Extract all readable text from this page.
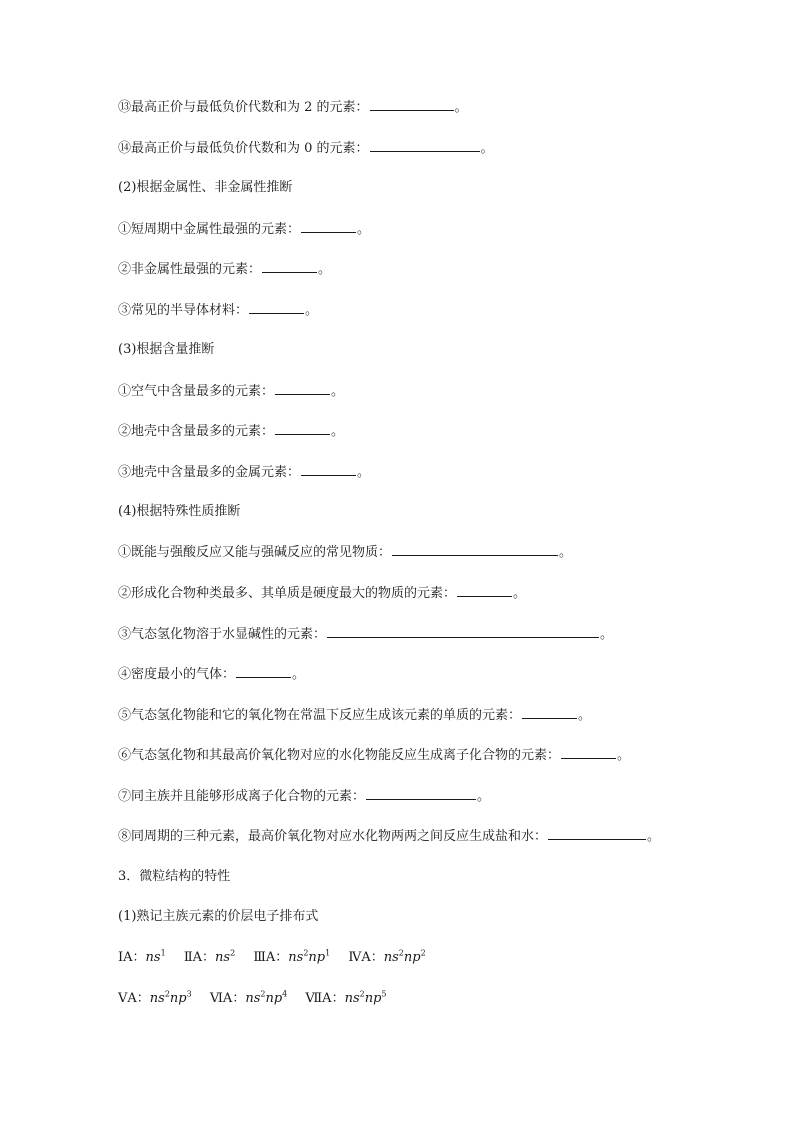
⑬最高正价与最低负价代数和为 2 的元素：	。
⑭最高正价与最低负价代数和为 0 的元素：	。
(2)根据金属性、非金属性推断
①短周期中金属性最强的元素：	。
②非金属性最强的元素：	。
③常见的半导体材料：	。
(3)根据含量推断
①空气中含量最多的元素：	。
②地壳中含量最多的元素：	。
③地壳中含量最多的金属元素：	。
(4)根据特殊性质推断
①既能与强酸反应又能与强碱反应的常见物质：	。
②形成化合物种类最多、其单质是硬度最大的物质的元素：	。
③气态氢化物溶于水显碱性的元素：	。
④密度最小的气体：	。
⑤气态氢化物能和它的氧化物在常温下反应生成该元素的单质的元素：	。
⑥气态氢化物和其最高价氧化物对应的水化物能反应生成离子化合物的元素：	。
⑦同主族并且能够形成离子化合物的元素：	。
⑧同周期的三种元素，最高价氧化物对应水化物两两之间反应生成盐和水：	。
3．微粒结构的特性
(1)熟记主族元素的价层电子排布式
ⅠA：$ns^1$ ⅡA：$ns^2$ ⅢA：$ns^2np^1$ ⅣA：$ns^2np^2$
ⅤA：$ns^2np^3$ ⅥA：$ns^2np^4$ ⅦA：$ns^2np^5$
